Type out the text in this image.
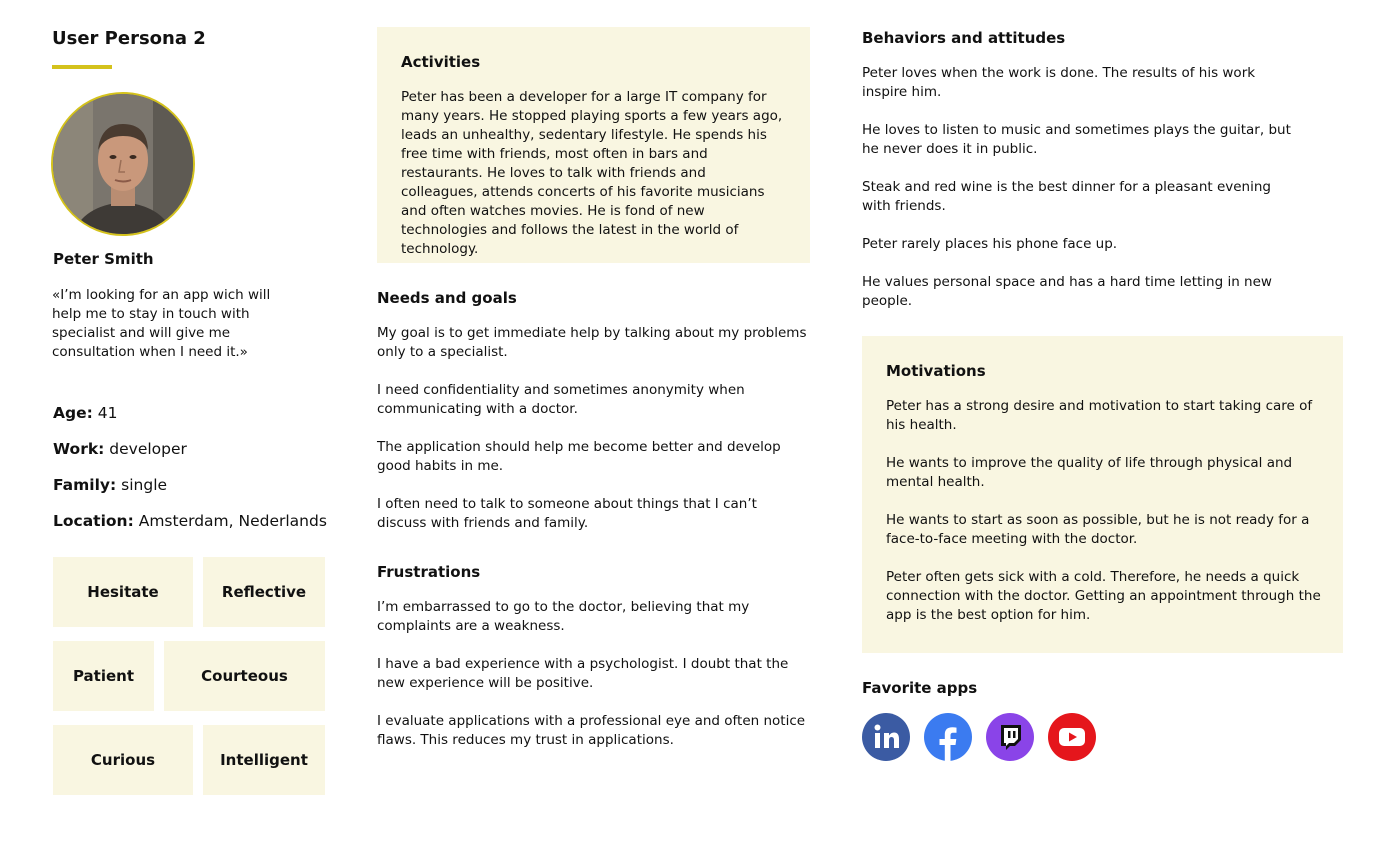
User Persona 2
Peter Smith
«I’m looking for an app wich will help me to stay in touch with specialist and will give me consultation when I need it.»
Age: 41
Work: developer
Family: single
Location: Amsterdam, Nederlands
Hesitate	Reflective
Patient	Courteous
Curious	Intelligent
Activities
Peter has been a developer for a large IT company for many years. He stopped playing sports a few years ago, leads an unhealthy, sedentary lifestyle. He spends his free time with friends, most often in bars and restaurants. He loves to talk with friends and colleagues, attends concerts of his favorite musicians and often watches movies. He is fond of new technologies and follows the latest in the world of technology.
Needs and goals
My goal is to get immediate help by talking about my problems only to a specialist.
I need confidentiality and sometimes anonymity when communicating with a doctor.
The application should help me become better and develop good habits in me.
I often need to talk to someone about things that I can’t discuss with friends and family.
Frustrations
I’m embarrassed to go to the doctor, believing that my complaints are a weakness.
I have a bad experience with a psychologist. I doubt that the new experience will be positive.
I evaluate applications with a professional eye and often notice flaws. This reduces my trust in applications.
Behaviors and attitudes
Peter loves when the work is done. The results of his work inspire him.
He loves to listen to music and sometimes plays the guitar, but he never does it in public.
Steak and red wine is the best dinner for a pleasant evening with friends.
Peter rarely places his phone face up.
He values personal space and has a hard time letting in new people.
Motivations
Peter has a strong desire and motivation to start taking care of his health.
He wants to improve the quality of life through physical and mental health.
He wants to start as soon as possible, but he is not ready for a face-to-face meeting with the doctor.
Peter often gets sick with a cold. Therefore, he needs a quick connection with the doctor. Getting an appointment through the app is the best option for him.
Favorite apps
